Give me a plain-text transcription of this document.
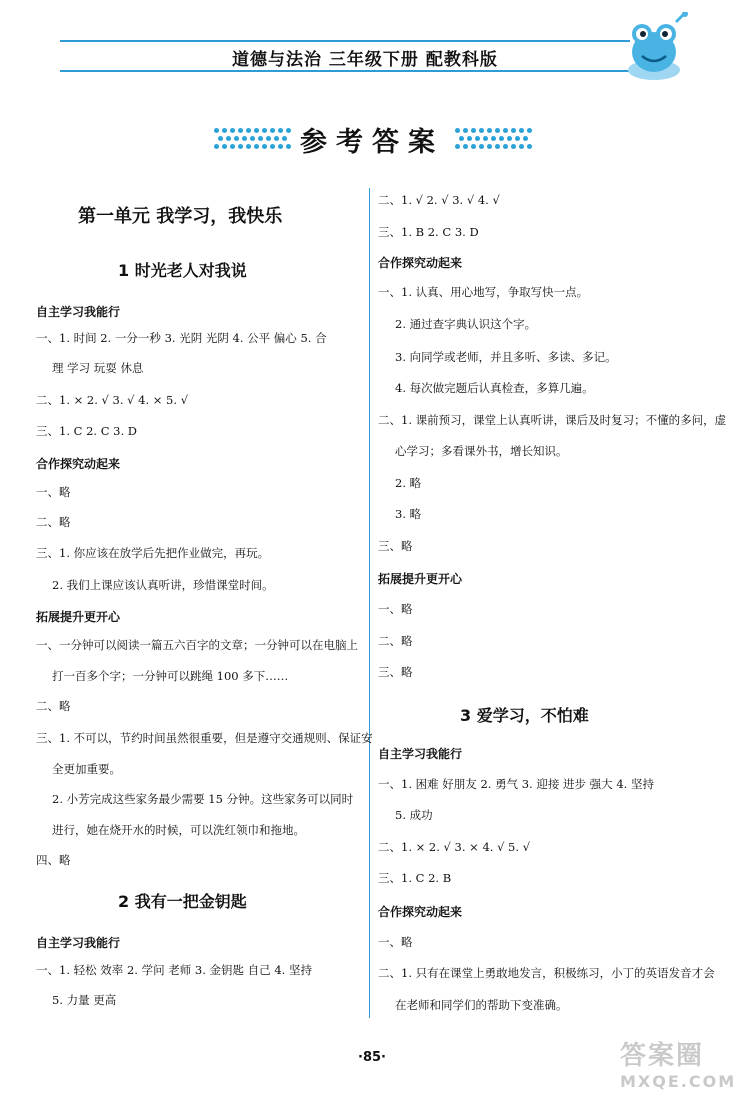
道德与法治 三年级下册 配教科版
参考答案
第一单元 我学习，我快乐
1 时光老人对我说
自主学习我能行
一、1. 时间 2. 一分一秒 3. 光阴 光阴 4. 公平 偏心 5. 合
理 学习 玩耍 休息
二、1. × 2. √ 3. √ 4. × 5. √
三、1. C 2. C 3. D
合作探究动起来
一、略
二、略
三、1. 你应该在放学后先把作业做完，再玩。
2. 我们上课应该认真听讲，珍惜课堂时间。
拓展提升更开心
一、一分钟可以阅读一篇五六百字的文章；一分钟可以在电脑上
打一百多个字；一分钟可以跳绳 100 多下……
二、略
三、1. 不可以，节约时间虽然很重要，但是遵守交通规则、保证安
全更加重要。
2. 小芳完成这些家务最少需要 15 分钟。这些家务可以同时
进行，她在烧开水的时候，可以洗红领巾和拖地。
四、略
2 我有一把金钥匙
自主学习我能行
一、1. 轻松 效率 2. 学问 老师 3. 金钥匙 自己 4. 坚持
5. 力量 更高
二、1. √ 2. √ 3. √ 4. √
三、1. B 2. C 3. D
合作探究动起来
一、1. 认真、用心地写，争取写快一点。
2. 通过查字典认识这个字。
3. 向同学或老师，并且多听、多读、多记。
4. 每次做完题后认真检查，多算几遍。
二、1. 课前预习，课堂上认真听讲，课后及时复习；不懂的多问，虚
心学习；多看课外书，增长知识。
2. 略
3. 略
三、略
拓展提升更开心
一、略
二、略
三、略
3 爱学习，不怕难
自主学习我能行
一、1. 困难 好朋友 2. 勇气 3. 迎接 进步 强大 4. 坚持
5. 成功
二、1. × 2. √ 3. × 4. √ 5. √
三、1. C 2. B
合作探究动起来
一、略
二、1. 只有在课堂上勇敢地发言，积极练习，小丁的英语发音才会
在老师和同学们的帮助下变准确。
·85·	答案圈
MXQE.COM
